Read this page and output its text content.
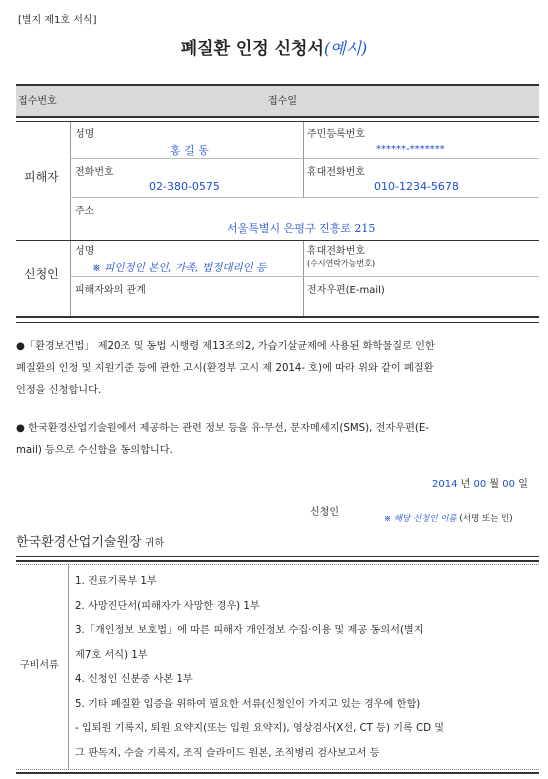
[별지 제1호 서식]
폐질환 인정 신청서(예시)
접수번호	접수일
피해자
성명
홍 길 동
주민등록번호
******-*******
전화번호
02-380-0575
휴대전화번호
010-1234-5678
주소
서울특별시 은평구 진흥로 215
신청인
성명
※ 피인정인 본인, 가족, 법정대리인 등
휴대전화번호
(수시연락가능번호)
피해자와의 관계	전자우편(E-mail)
●「환경보건법」 제20조 및 동법 시행령 제13조의2, 가습기살균제에 사용된 화학물질로 인한
폐질환의 인정 및 지원기준 등에 관한 고시(환경부 고시 제 2014- 호)에 따라 위와 같이 폐질환
인정을 신청합니다.
● 한국환경산업기술원에서 제공하는 관련 정보 등을 유·무선, 문자메세지(SMS), 전자우편(E-
mail) 등으로 수신함을 동의합니다.
2014 년 00 월 00 일
신청인
※ 해당 신청인 이름 (서명 또는 인)
한국환경산업기술원장 귀하
구비서류
1. 진료기록부 1부
2. 사망진단서(피해자가 사망한 경우) 1부
3.「개인정보 보호법」에 따른 피해자 개인정보 수집·이용 및 제공 동의서(별지
제7호 서식) 1부
4. 신청인 신분증 사본 1부
5. 기타 폐질환 입증을 위하여 필요한 서류(신청인이 가지고 있는 경우에 한함)
- 입퇴원 기록지, 퇴원 요약지(또는 입원 요약지), 영상검사(X선, CT 등) 기록 CD 및
그 판독지, 수술 기록지, 조직 슬라이드 원본, 조직병리 검사보고서 등
